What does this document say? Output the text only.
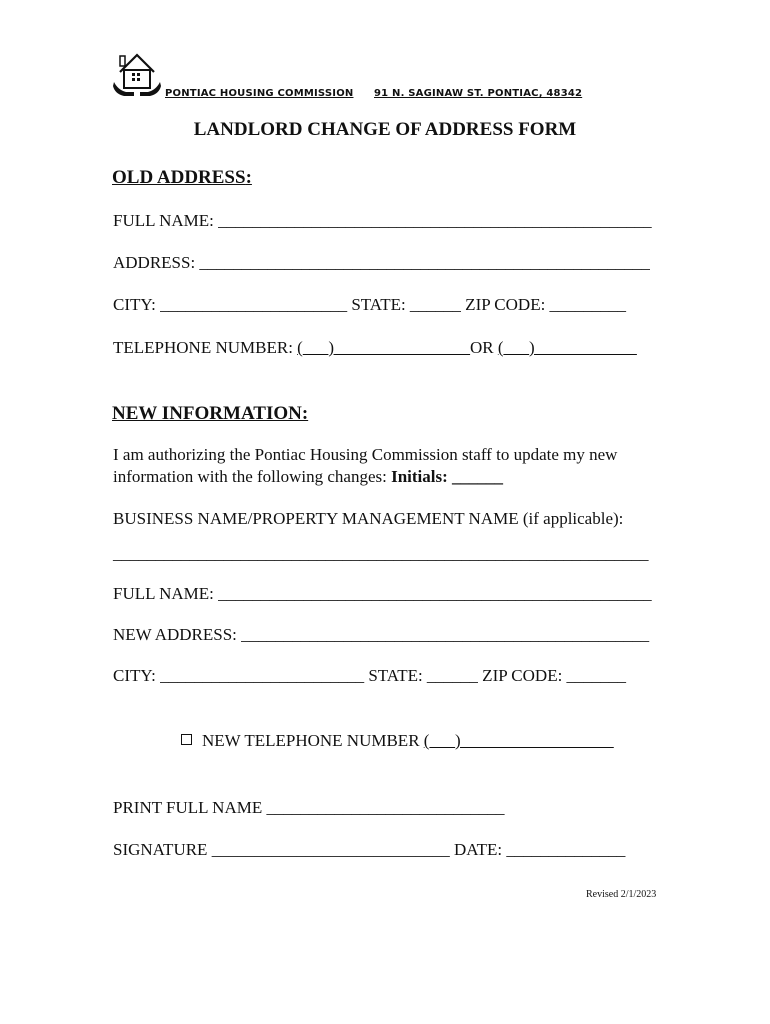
PONTIAC HOUSING COMMISSION 91 N. SAGINAW ST. PONTIAC, 48342
LANDLORD CHANGE OF ADDRESS FORM
OLD ADDRESS:
FULL NAME: ___________________________________________________
ADDRESS: _____________________________________________________
CITY: ______________________ STATE: ______ ZIP CODE: _________
TELEPHONE NUMBER: (___)________________OR (___)____________
NEW INFORMATION:
I am authorizing the Pontiac Housing Commission staff to update my new
information with the following changes: Initials: ______
BUSINESS NAME/PROPERTY MANAGEMENT NAME (if applicable):
_______________________________________________________________
FULL NAME: ___________________________________________________
NEW ADDRESS: ________________________________________________
CITY: ________________________ STATE: ______ ZIP CODE: _______
NEW TELEPHONE NUMBER (___)__________________
PRINT FULL NAME ____________________________
SIGNATURE ____________________________ DATE: ______________
Revised 2/1/2023
